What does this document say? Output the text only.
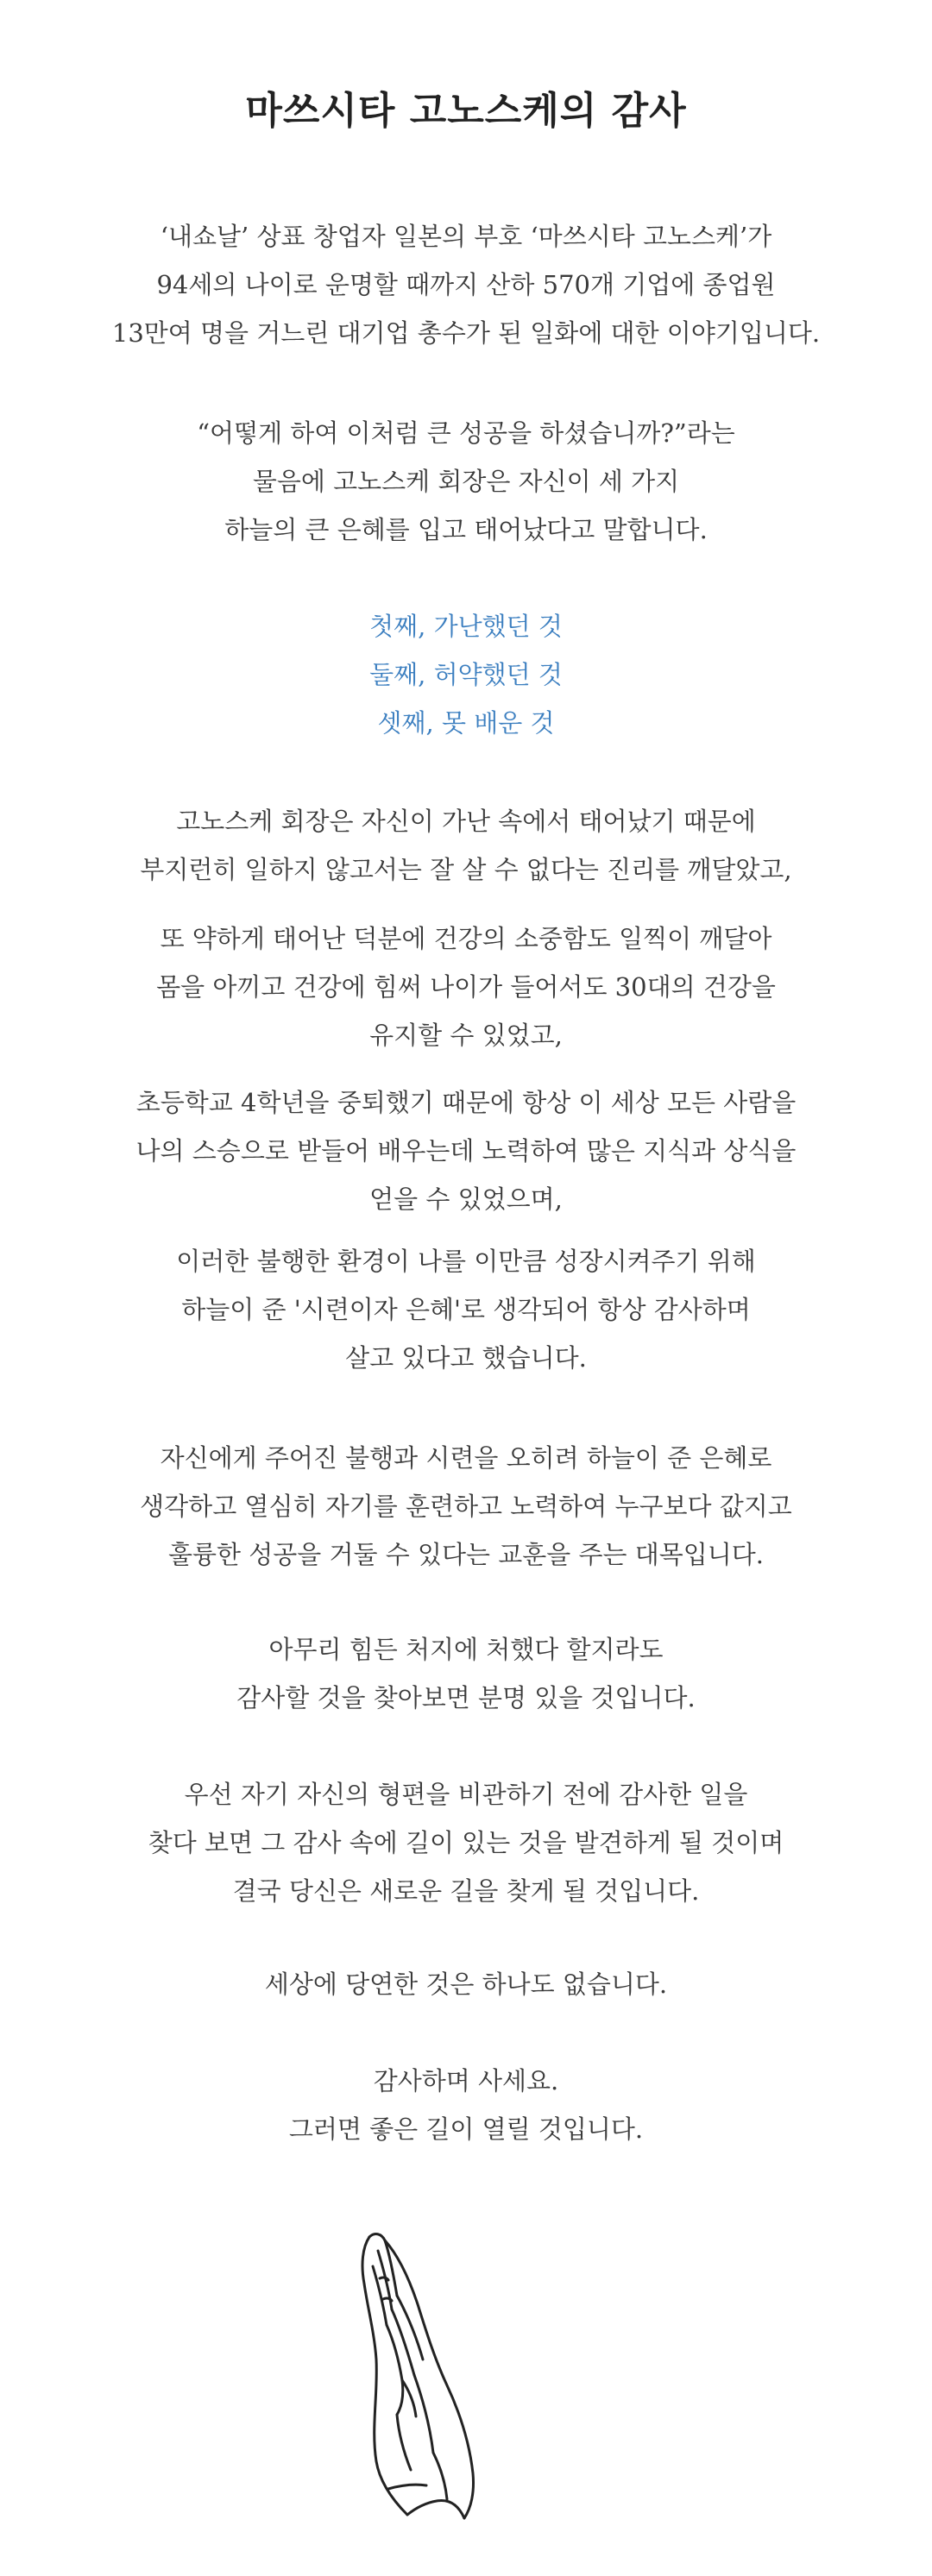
마쓰시타 고노스케의 감사
‘내쇼날’ 상표 창업자 일본의 부호 ‘마쓰시타 고노스케’가
94세의 나이로 운명할 때까지 산하 570개 기업에 종업원
13만여 명을 거느린 대기업 총수가 된 일화에 대한 이야기입니다.
“어떻게 하여 이처럼 큰 성공을 하셨습니까?”라는
물음에 고노스케 회장은 자신이 세 가지
하늘의 큰 은혜를 입고 태어났다고 말합니다.
첫째, 가난했던 것
둘째, 허약했던 것
셋째, 못 배운 것
고노스케 회장은 자신이 가난 속에서 태어났기 때문에
부지런히 일하지 않고서는 잘 살 수 없다는 진리를 깨달았고,
또 약하게 태어난 덕분에 건강의 소중함도 일찍이 깨달아
몸을 아끼고 건강에 힘써 나이가 들어서도 30대의 건강을
유지할 수 있었고,
초등학교 4학년을 중퇴했기 때문에 항상 이 세상 모든 사람을
나의 스승으로 받들어 배우는데 노력하여 많은 지식과 상식을
얻을 수 있었으며,
이러한 불행한 환경이 나를 이만큼 성장시켜주기 위해
하늘이 준 '시련이자 은혜'로 생각되어 항상 감사하며
살고 있다고 했습니다.
자신에게 주어진 불행과 시련을 오히려 하늘이 준 은혜로
생각하고 열심히 자기를 훈련하고 노력하여 누구보다 값지고
훌륭한 성공을 거둘 수 있다는 교훈을 주는 대목입니다.
아무리 힘든 처지에 처했다 할지라도
감사할 것을 찾아보면 분명 있을 것입니다.
우선 자기 자신의 형편을 비관하기 전에 감사한 일을
찾다 보면 그 감사 속에 길이 있는 것을 발견하게 될 것이며
결국 당신은 새로운 길을 찾게 될 것입니다.
세상에 당연한 것은 하나도 없습니다.
감사하며 사세요.
그러면 좋은 길이 열릴 것입니다.
